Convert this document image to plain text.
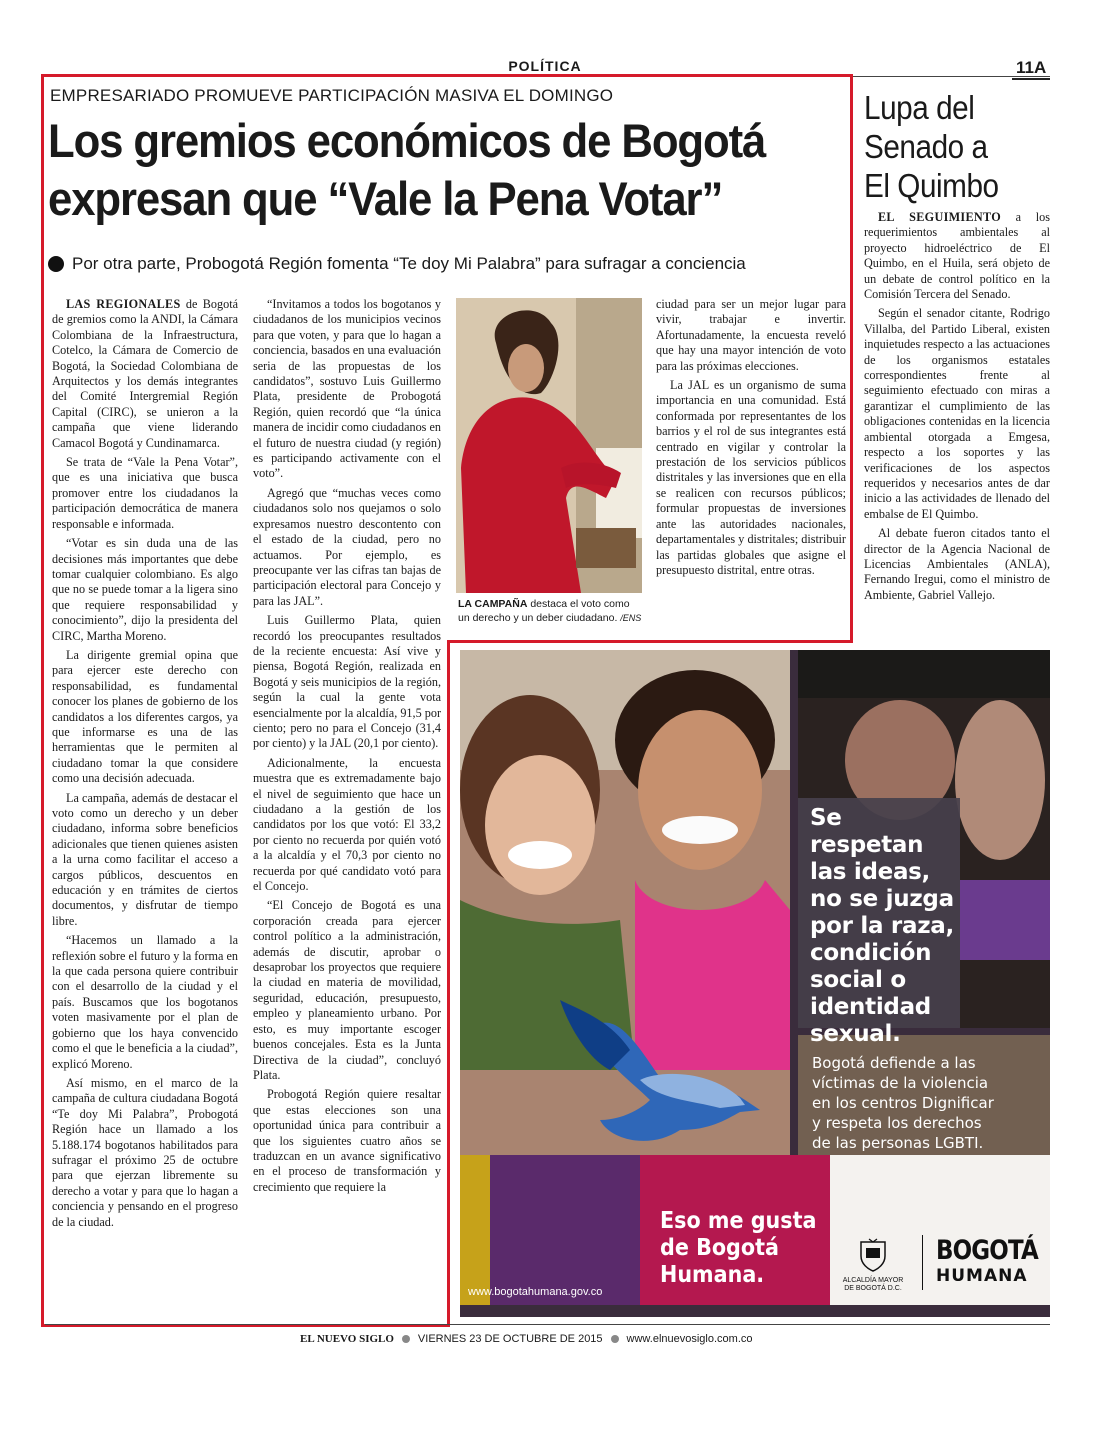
POLÍTICA	11A
EMPRESARIADO PROMUEVE PARTICIPACIÓN MASIVA EL DOMINGO
Los gremios económicos de Bogotá
expresan que “Vale la Pena Votar”
Por otra parte, Probogotá Región fomenta “Te doy Mi Palabra” para sufragar a conciencia

LAS REGIONALES de Bogotá de gremios como la ANDI, la Cámara Colombiana de la Infraestructura, Cotelco, la Cámara de Comercio de Bogotá, la Sociedad Colombiana de Arquitectos y los demás integrantes del Comité Intergremial Región Capital (CIRC), se unieron a la campaña que viene liderando Camacol Bogotá y Cundinamarca.

Se trata de “Vale la Pena Votar”, que es una iniciativa que busca promover entre los ciudadanos la participación democrática de manera responsable e informada.

“Votar es sin duda una de las decisiones más importantes que debe tomar cualquier colombiano. Es algo que no se puede tomar a la ligera sino que requiere responsabilidad y conocimiento”, dijo la presidenta del CIRC, Martha Moreno.

La dirigente gremial opina que para ejercer este derecho con responsabilidad, es fundamental conocer los planes de gobierno de los candidatos a los diferentes cargos, ya que informarse es una de las herramientas que le permiten al ciudadano tomar la que considere como una decisión adecuada.

La campaña, además de destacar el voto como un derecho y un deber ciudadano, informa sobre beneficios adicionales que tienen quienes asisten a la urna como facilitar el acceso a cargos públicos, descuentos en educación y en trámites de ciertos documentos, y disfrutar de tiempo libre.

“Hacemos un llamado a la reflexión sobre el futuro y la forma en la que cada persona quiere contribuir con el desarrollo de la ciudad y el país. Buscamos que los bogotanos voten masivamente por el plan de gobierno que los haya convencido como el que le beneficia a la ciudad”, explicó Moreno.

Así mismo, en el marco de la campaña de cultura ciudadana Bogotá “Te doy Mi Palabra”, Probogotá Región hace un llamado a los 5.188.174 bogotanos habilitados para sufragar el próximo 25 de octubre para que ejerzan libremente su derecho a votar y para que lo hagan a conciencia y pensando en el progreso de la ciudad.

“Invitamos a todos los bogotanos y ciudadanos de los municipios vecinos para que voten, y para que lo hagan a conciencia, basados en una evaluación seria de las propuestas de los candidatos”, sostuvo Luis Guillermo Plata, presidente de Probogotá Región, quien recordó que “la única manera de incidir como ciudadanos en el futuro de nuestra ciudad (y región) es participando activamente con el voto”.

Agregó que “muchas veces como ciudadanos solo nos quejamos o solo expresamos nuestro descontento con el estado de la ciudad, pero no actuamos. Por ejemplo, es preocupante ver las cifras tan bajas de participación electoral para Concejo y para las JAL”.

Luis Guillermo Plata, quien recordó los preocupantes resultados de la reciente encuesta: Así vive y piensa, Bogotá Región, realizada en Bogotá y seis municipios de la región, según la cual la gente vota esencialmente por la alcaldía, 91,5 por ciento; pero no para el Concejo (31,4 por ciento) y la JAL (20,1 por ciento).

Adicionalmente, la encuesta muestra que es extremadamente bajo el nivel de seguimiento que hace un ciudadano a la gestión de los candidatos por los que votó: El 33,2 por ciento no recuerda por quién votó a la alcaldía y el 70,3 por ciento no recuerda por qué candidato votó para el Concejo.

“El Concejo de Bogotá es una corporación creada para ejercer control político a la administración, además de discutir, aprobar o desaprobar los proyectos que requiere la ciudad en materia de movilidad, seguridad, educación, presupuesto, empleo y planeamiento urbano. Por esto, es muy importante escoger buenos concejales. Esta es la Junta Directiva de la ciudad”, concluyó Plata.

Probogotá Región quiere resaltar que estas elecciones son una oportunidad única para contribuir a que los siguientes cuatro años se traduzcan en un avance significativo en el proceso de transformación y crecimiento que requiere la

LA CAMPAÑA destaca el voto como un derecho y un deber ciudadano. /ENS

ciudad para ser un mejor lugar para vivir, trabajar e invertir. Afortunadamente, la encuesta reveló que hay una mayor intención de voto para las próximas elecciones.

La JAL es un organismo de suma importancia en una comunidad. Está conformada por representantes de los barrios y el rol de sus integrantes está centrado en vigilar y controlar la prestación de los servicios públicos distritales y las inversiones que en ella se realicen con recursos públicos; formular propuestas de inversiones ante las autoridades nacionales, departamentales y distritales; distribuir las partidas globales que asigne el presupuesto distrital, entre otras.

Lupa del
Senado a
El Quimbo

EL SEGUIMIENTO a los requerimientos ambientales al proyecto hidroeléctrico de El Quimbo, en el Huila, será objeto de un debate de control político en la Comisión Tercera del Senado.

Según el senador citante, Rodrigo Villalba, del Partido Liberal, existen inquietudes respecto a las actuaciones de los organismos estatales correspondientes frente al seguimiento efectuado con miras a garantizar el cumplimiento de las obligaciones contenidas en la licencia ambiental otorgada a Emgesa, respecto a los soportes y las verificaciones de los aspectos requeridos y necesarios antes de dar inicio a las actividades de llenado del embalse de El Quimbo.

Al debate fueron citados tanto el director de la Agencia Nacional de Licencias Ambientales (ANLA), Fernando Iregui, como el ministro de Ambiente, Gabriel Vallejo.

Se respetan
las ideas,
no se juzga
por la raza,
condición
social o
identidad
sexual.
Bogotá defiende a las
víctimas de la violencia
en los centros Dignificar
y respeta los derechos
de las personas LGBTI.
Eso me gusta
de Bogotá
Humana.
www.bogotahumana.gov.co
ALCALDÍA MAYOR
DE BOGOTÁ D.C.
BOGOTÁ
HUMANA
EL NUEVO SIGLO VIERNES 23 DE OCTUBRE DE 2015 www.elnuevosiglo.com.co
